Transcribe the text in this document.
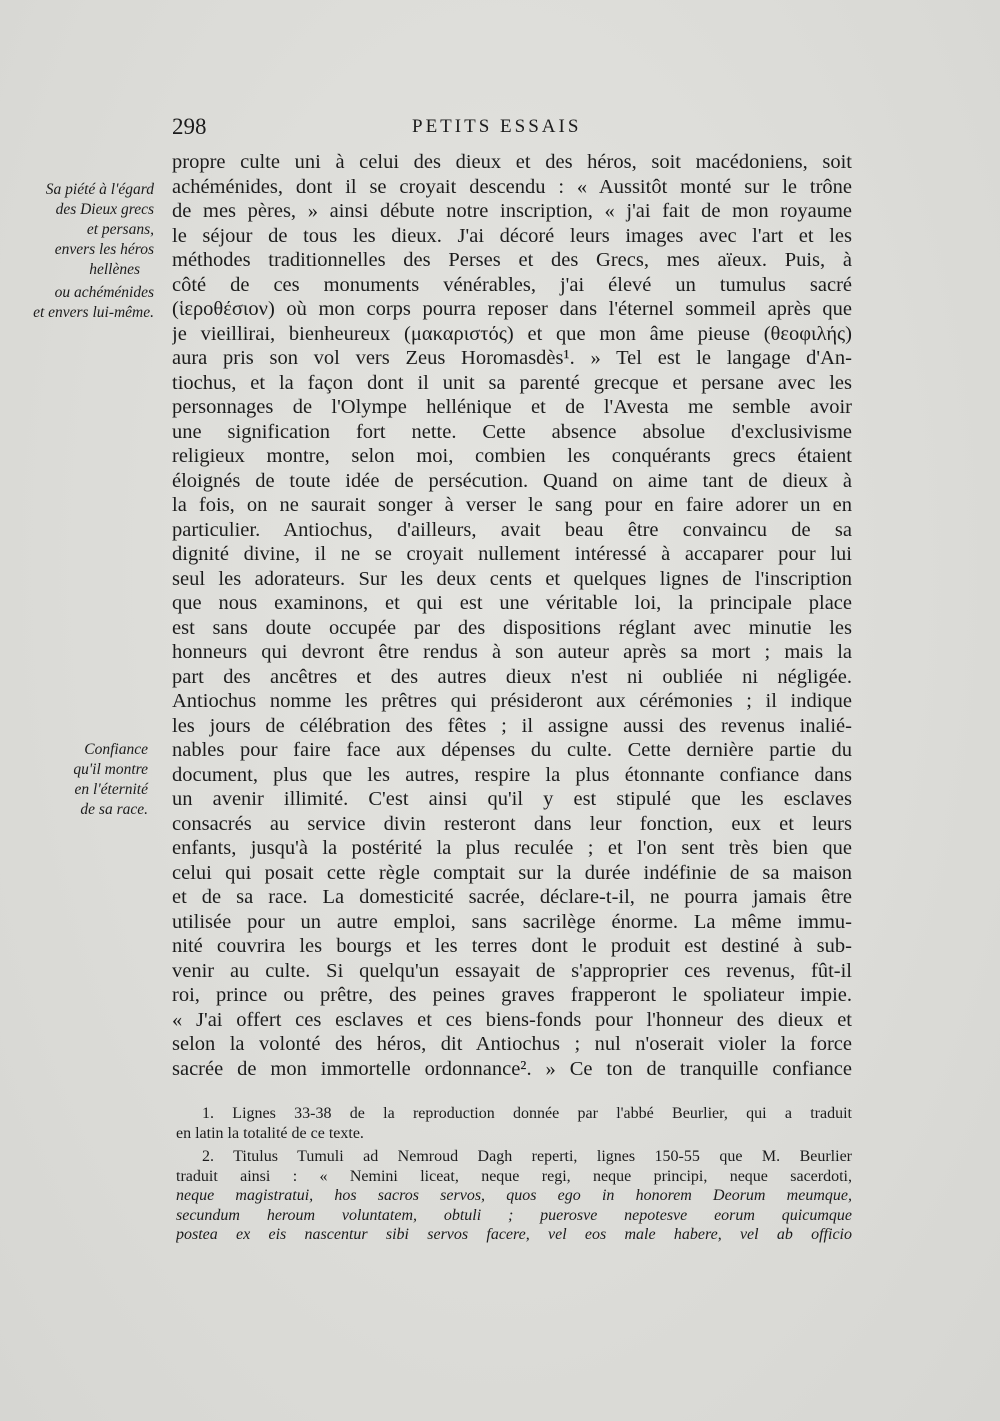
298	PETITS ESSAIS
Sa piété à l'égard
des Dieux grecs
et persans,
envers les héros
hellènes
ou achéménides
et envers lui-même.
Confiance
qu'il montre
en l'éternité
de sa race.
propre culte uni à celui des dieux et des héros, soit macédoniens, soit
achéménides, dont il se croyait descendu : « Aussitôt monté sur le trône
de mes pères, » ainsi débute notre inscription, « j'ai fait de mon royaume
le séjour de tous les dieux. J'ai décoré leurs images avec l'art et les
méthodes traditionnelles des Perses et des Grecs, mes aïeux. Puis, à
côté de ces monuments vénérables, j'ai élevé un tumulus sacré
(ἱεροθέσιον) où mon corps pourra reposer dans l'éternel sommeil après que
je vieillirai, bienheureux (μακαριστός) et que mon âme pieuse (θεοφιλής)
aura pris son vol vers Zeus Horomasdès¹. » Tel est le langage d'An-
tiochus, et la façon dont il unit sa parenté grecque et persane avec les
personnages de l'Olympe hellénique et de l'Avesta me semble avoir
une signification fort nette. Cette absence absolue d'exclusivisme
religieux montre, selon moi, combien les conquérants grecs étaient
éloignés de toute idée de persécution. Quand on aime tant de dieux à
la fois, on ne saurait songer à verser le sang pour en faire adorer un en
particulier. Antiochus, d'ailleurs, avait beau être convaincu de sa
dignité divine, il ne se croyait nullement intéressé à accaparer pour lui
seul les adorateurs. Sur les deux cents et quelques lignes de l'inscription
que nous examinons, et qui est une véritable loi, la principale place
est sans doute occupée par des dispositions réglant avec minutie les
honneurs qui devront être rendus à son auteur après sa mort ; mais la
part des ancêtres et des autres dieux n'est ni oubliée ni négligée.
Antiochus nomme les prêtres qui présideront aux cérémonies ; il indique
les jours de célébration des fêtes ; il assigne aussi des revenus inalié-
nables pour faire face aux dépenses du culte. Cette dernière partie du
document, plus que les autres, respire la plus étonnante confiance dans
un avenir illimité. C'est ainsi qu'il y est stipulé que les esclaves
consacrés au service divin resteront dans leur fonction, eux et leurs
enfants, jusqu'à la postérité la plus reculée ; et l'on sent très bien que
celui qui posait cette règle comptait sur la durée indéfinie de sa maison
et de sa race. La domesticité sacrée, déclare-t-il, ne pourra jamais être
utilisée pour un autre emploi, sans sacrilège énorme. La même immu-
nité couvrira les bourgs et les terres dont le produit est destiné à sub-
venir au culte. Si quelqu'un essayait de s'approprier ces revenus, fût-il
roi, prince ou prêtre, des peines graves frapperont le spoliateur impie.
« J'ai offert ces esclaves et ces biens-fonds pour l'honneur des dieux et
selon la volonté des héros, dit Antiochus ; nul n'oserait violer la force
sacrée de mon immortelle ordonnance². » Ce ton de tranquille confiance
1. Lignes 33-38 de la reproduction donnée par l'abbé Beurlier, qui a traduit
en latin la totalité de ce texte.
2. Titulus Tumuli ad Nemroud Dagh reperti, lignes 150-55 que M. Beurlier
traduit ainsi : « Nemini liceat, neque regi, neque principi, neque sacerdoti,
neque magistratui, hos sacros servos, quos ego in honorem Deorum meumque,
secundum heroum voluntatem, obtuli ; puerosve nepotesve eorum quicumque
postea ex eis nascentur sibi servos facere, vel eos male habere, vel ab officio
